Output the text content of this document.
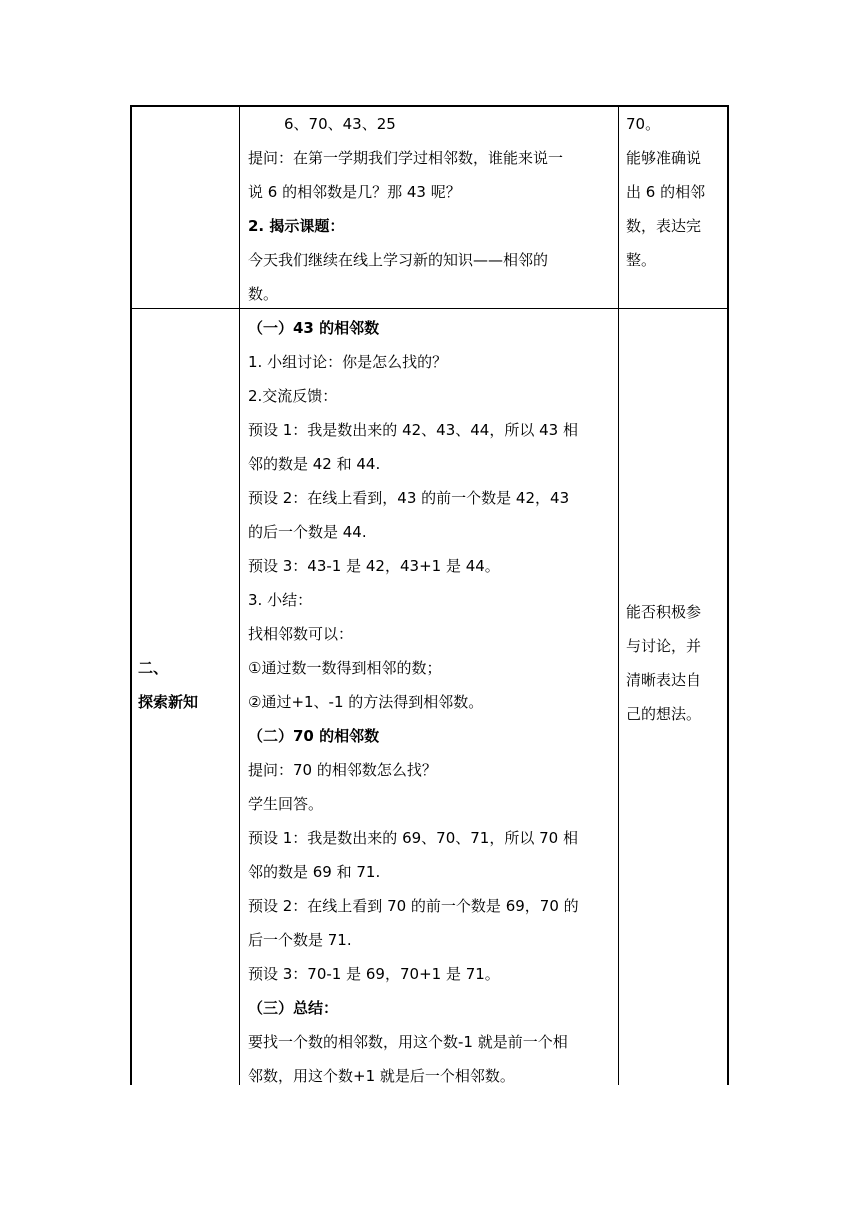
6、70、43、25
提问：在第一学期我们学过相邻数，谁能来说一
说 6 的相邻数是几？那 43 呢？
2. 揭示课题：
今天我们继续在线上学习新的知识——相邻的
数。
70。
能够准确说
出 6 的相邻
数，表达完
整。
二、
探索新知
（一）43 的相邻数
1. 小组讨论：你是怎么找的？
2.交流反馈：
预设 1：我是数出来的 42、43、44，所以 43 相
邻的数是 42 和 44.
预设 2：在线上看到，43 的前一个数是 42，43
的后一个数是 44.
预设 3：43-1 是 42，43+1 是 44。
3. 小结：
找相邻数可以：
①通过数一数得到相邻的数；
②通过+1、-1 的方法得到相邻数。
（二）70 的相邻数
提问：70 的相邻数怎么找？
学生回答。
预设 1：我是数出来的 69、70、71，所以 70 相
邻的数是 69 和 71.
预设 2：在线上看到 70 的前一个数是 69，70 的
后一个数是 71.
预设 3：70-1 是 69，70+1 是 71。
（三）总结：
要找一个数的相邻数，用这个数-1 就是前一个相
邻数，用这个数+1 就是后一个相邻数。
能否积极参
与讨论，并
清晰表达自
己的想法。
